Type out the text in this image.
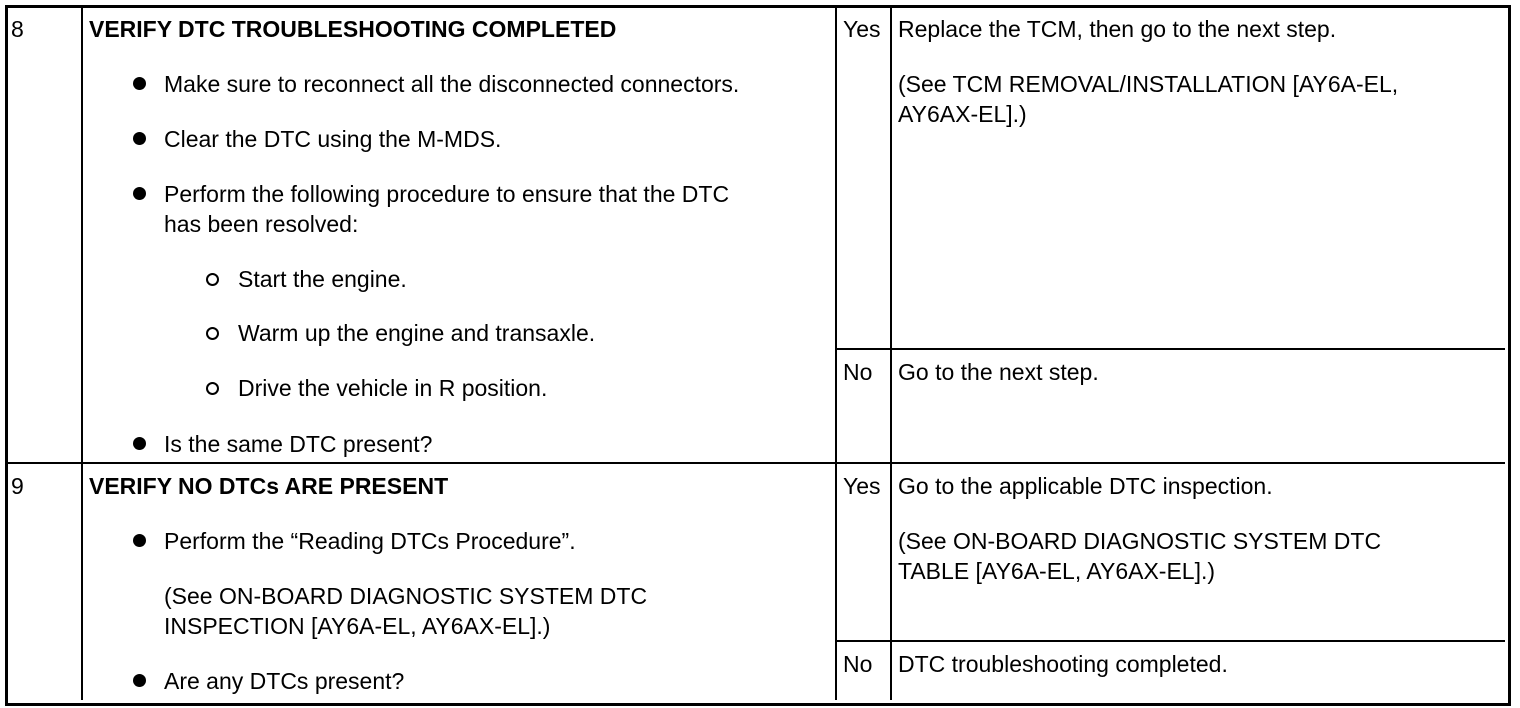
8	VERIFY DTC TROUBLESHOOTING COMPLETED
Make sure to reconnect all the disconnected connectors.
Clear the DTC using the M-MDS.
Perform the following procedure to ensure that the DTC
has been resolved:
Start the engine.
Warm up the engine and transaxle.
Drive the vehicle in R position.
Is the same DTC present?
Yes Replace the TCM, then go to the next step.
(See TCM REMOVAL/INSTALLATION [AY6A-EL,
AY6AX-EL].)
No Go to the next step.
9	VERIFY NO DTCs ARE PRESENT
Perform the “Reading DTCs Procedure”.
(See ON-BOARD DIAGNOSTIC SYSTEM DTC
INSPECTION [AY6A-EL, AY6AX-EL].)
Are any DTCs present?
Yes Go to the applicable DTC inspection.
(See ON-BOARD DIAGNOSTIC SYSTEM DTC
TABLE [AY6A-EL, AY6AX-EL].)
No DTC troubleshooting completed.
